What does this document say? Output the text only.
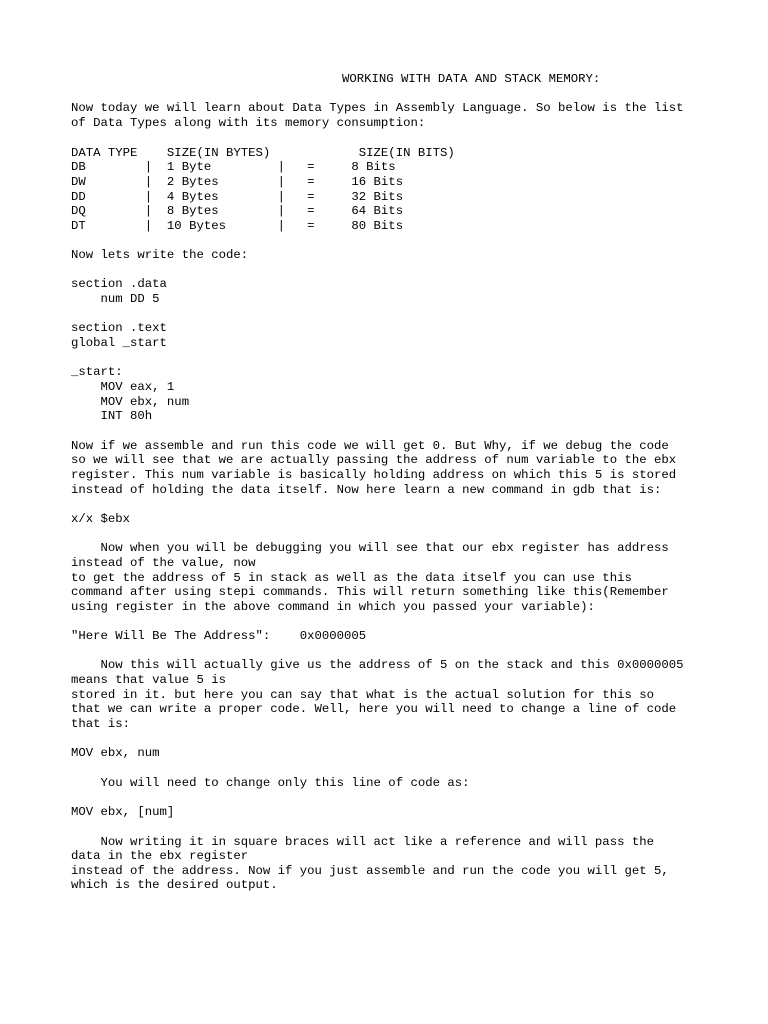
WORKING WITH DATA AND STACK MEMORY:
Now today we will learn about Data Types in Assembly Language. So below is the list
of Data Types along with its memory consumption:
DATA TYPE    SIZE(IN BYTES)            SIZE(IN BITS)
DB        |  1 Byte         |   =     8 Bits
DW        |  2 Bytes        |   =     16 Bits
DD        |  4 Bytes        |   =     32 Bits
DQ        |  8 Bytes        |   =     64 Bits
DT        |  10 Bytes       |   =     80 Bits
Now lets write the code:
section .data
num DD 5
section .text
global _start
_start:
MOV eax, 1
MOV ebx, num
INT 80h
Now if we assemble and run this code we will get 0. But Why, if we debug the code
so we will see that we are actually passing the address of num variable to the ebx
register. This num variable is basically holding address on which this 5 is stored
instead of holding the data itself. Now here learn a new command in gdb that is:
x/x $ebx
Now when you will be debugging you will see that our ebx register has address
instead of the value, now
to get the address of 5 in stack as well as the data itself you can use this
command after using stepi commands. This will return something like this(Remember
using register in the above command in which you passed your variable):
"Here Will Be The Address":    0x0000005
Now this will actually give us the address of 5 on the stack and this 0x0000005
means that value 5 is
stored in it. but here you can say that what is the actual solution for this so
that we can write a proper code. Well, here you will need to change a line of code
that is:
MOV ebx, num
You will need to change only this line of code as:
MOV ebx, [num]
Now writing it in square braces will act like a reference and will pass the
data in the ebx register
instead of the address. Now if you just assemble and run the code you will get 5,
which is the desired output.
